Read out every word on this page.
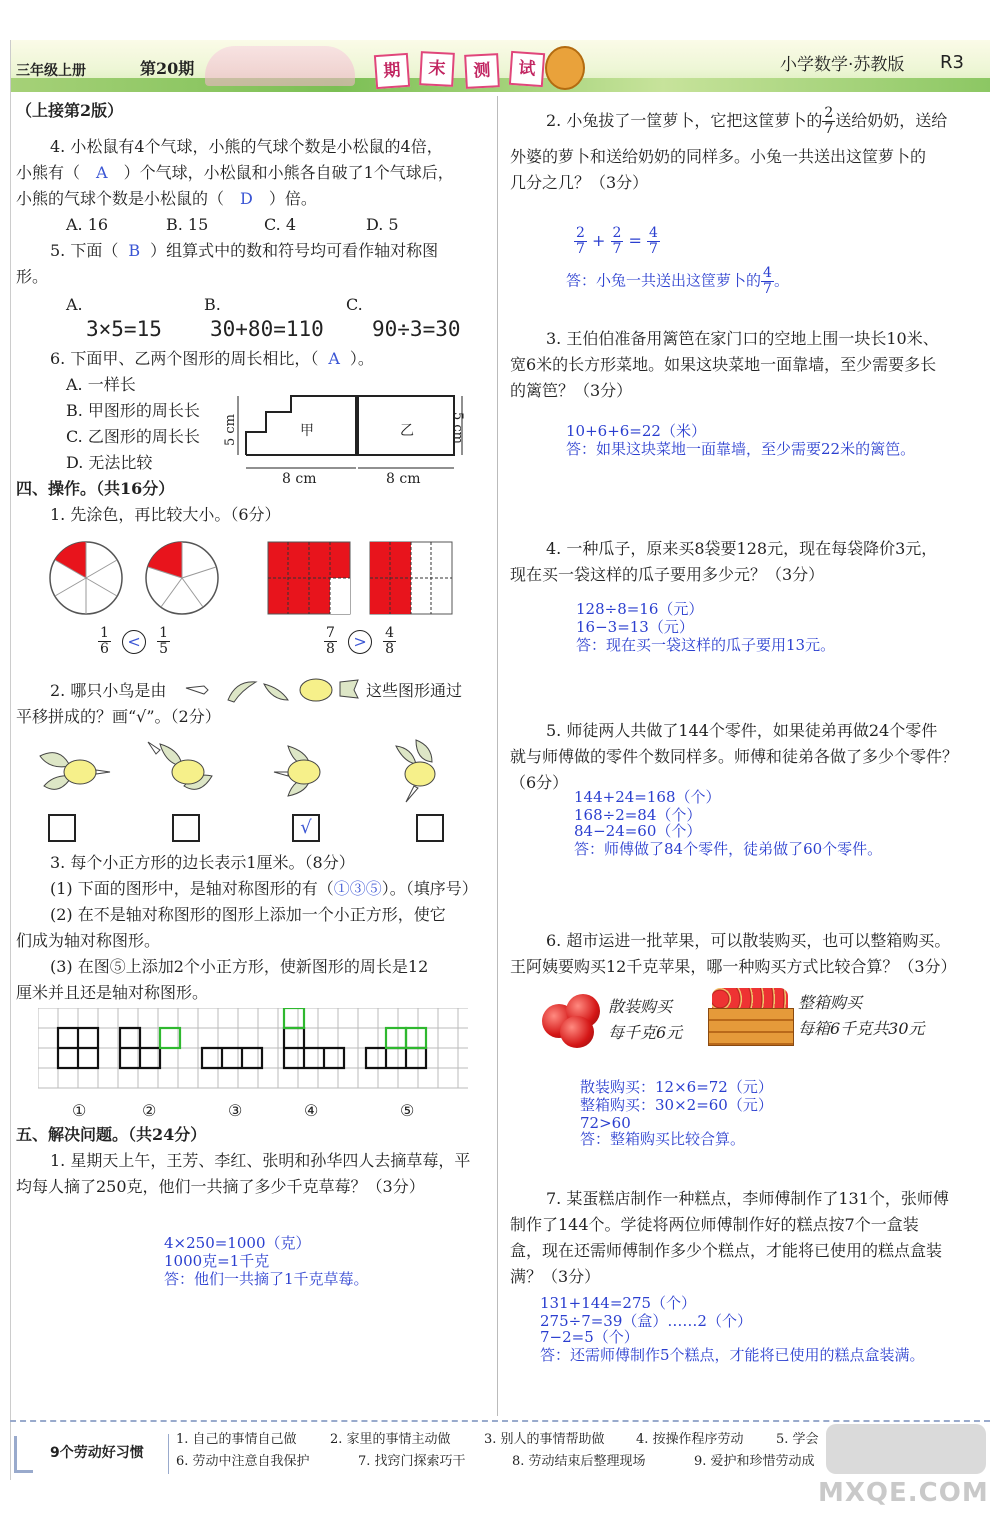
三年级上册	第20期	期	末	测	试	小学数学·苏教版 R3
（上接第2版）
4. 小松鼠有4个气球，小熊的气球个数是小松鼠的4倍，
小熊有（ A ）个气球，小松鼠和小熊各自破了1个气球后，
小熊的气球个数是小松鼠的（ D ）倍。
A. 16	B. 15	C. 4	D. 5
5. 下面（ B ）组算式中的数和符号均可看作轴对称图
形。
A.	B.	C.
3×5=15 30+80=110 90÷3=30
6. 下面甲、乙两个图形的周长相比，（ A ）。
A. 一样长
B. 甲图形的周长长
C. 乙图形的周长长
D. 无法比较
甲	乙
8 cm	8 cm
5 cm	5 cm
四、操作。（共16分）
1. 先涂色，再比较大小。（6分）
$\frac{1}{6} < \frac{1}{5}$	$\frac{7}{8} > \frac{4}{8}$
2. 哪只小鸟是由	这些图形通过
平移拼成的？画“√”。（2分）
√
3. 每个小正方形的边长表示1厘米。（8分）
(1) 下面的图形中，是轴对称图形的有（①③⑤）。（填序号）
(2) 在不是轴对称图形的图形上添加一个小正方形，使它
们成为轴对称图形。
(3) 在图⑤上添加2个小正方形，使新图形的周长是12
厘米并且还是轴对称图形。
①	②	③	④	⑤
五、解决问题。（共24分）
1. 星期天上午，王芳、李红、张明和孙华四人去摘草莓，平
均每人摘了250克，他们一共摘了多少千克草莓？（3分）
4×250=1000（克）
1000克=1千克
答：他们一共摘了1千克草莓。
2. 小兔拔了一筐萝卜，它把这筐萝卜的 $\frac{2}{7}$ 送给奶奶，送给
外婆的萝卜和送给奶奶的同样多。小兔一共送出这筐萝卜的
几分之几？（3分）
$\frac{2}{7} + \frac{2}{7} = \frac{4}{7}$
答：小兔一共送出这筐萝卜的 $\frac{4}{7}$ 。
3. 王伯伯准备用篱笆在家门口的空地上围一块长10米、
宽6米的长方形菜地。如果这块菜地一面靠墙，至少需要多长
的篱笆？（3分）
10+6+6=22（米）
答：如果这块菜地一面靠墙，至少需要22米的篱笆。
4. 一种瓜子，原来买8袋要128元，现在每袋降价3元，
现在买一袋这样的瓜子要用多少元？（3分）
128÷8=16（元）
16−3=13（元）
答：现在买一袋这样的瓜子要用13元。
5. 师徒两人共做了144个零件，如果徒弟再做24个零件
就与师傅做的零件个数同样多。师傅和徒弟各做了多少个零件？
（6分）
144+24=168（个）
168÷2=84（个）
84−24=60（个）
答：师傅做了84个零件，徒弟做了60个零件。
6. 超市运进一批苹果，可以散装购买，也可以整箱购买。
王阿姨要购买12千克苹果，哪一种购买方式比较合算？（3分）
散装购买
每千克6元
整箱购买
每箱6千克共30元
散装购买：12×6=72（元）
整箱购买：30×2=60（元）
72>60
答：整箱购买比较合算。
7. 某蛋糕店制作一种糕点，李师傅制作了131个，张师傅
制作了144个。学徒将两位师傅制作好的糕点按7个一盒装
盒，现在还需师傅制作多少个糕点，才能将已使用的糕点盒装
满？（3分）
131+144=275（个）
275÷7=39（盒）……2（个）
7−2=5（个）
答：还需师傅制作5个糕点，才能将已使用的糕点盒装满。
9个劳动好习惯
1. 自己的事情自己做	2. 家里的事情主动做	3. 别人的事情帮助做 4. 按操作程序劳动 5. 学会
6. 劳动中注意自我保护	7. 找窍门探索巧干	8. 劳动结束后整理现场	9. 爱护和珍惜劳动成
MXQE.COM
